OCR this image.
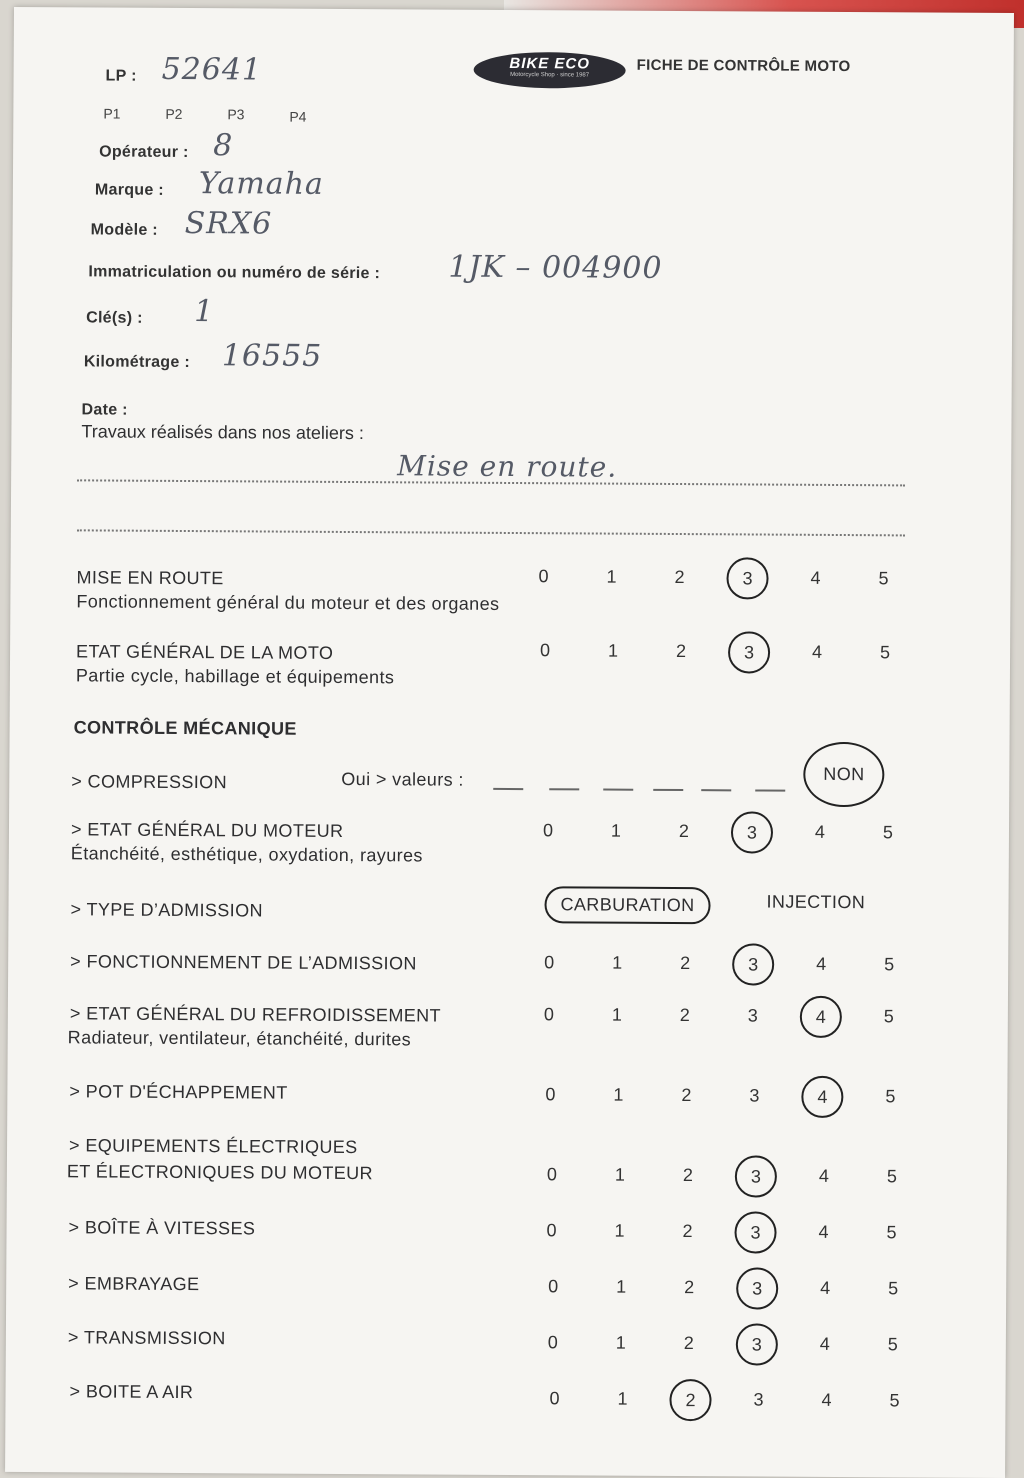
BIKE ECO
Motorcycle Shop · since 1987
FICHE DE CONTRÔLE MOTO
LP : 52641
P1	P2	P3	P4
Opérateur : 8
Marque : Yamaha
Modèle : SRX6
Immatriculation ou numéro de série : 1JK – 004900
Clé(s) : 1
Kilométrage : 16555
Date :
Travaux réalisés dans nos ateliers :
Mise en route.
MISE EN ROUTE
Fonctionnement général du moteur et des organes
0	1	2	3	4	5
ETAT GÉNÉRAL DE LA MOTO
Partie cycle, habillage et équipements
0	1	2	3	4	5
CONTRÔLE MÉCANIQUE
> COMPRESSION	Oui > valeurs :	NON
> ETAT GÉNÉRAL DU MOTEUR
Étanchéité, esthétique, oxydation, rayures
0	1	2	3	4	5
> TYPE D’ADMISSION	CARBURATION	INJECTION
> FONCTIONNEMENT DE L’ADMISSION	0	1	2	3	4	5
> ETAT GÉNÉRAL DU REFROIDISSEMENT
Radiateur, ventilateur, étanchéité, durites
0	1	2	3	4	5
> POT D'ÉCHAPPEMENT	0	1	2	3	4	5
> EQUIPEMENTS ÉLECTRIQUES
ET ÉLECTRONIQUES DU MOTEUR	0	1	2	3	4	5
> BOÎTE À VITESSES	0	1	2	3	4	5
> EMBRAYAGE	0	1	2	3	4	5
> TRANSMISSION	0	1	2	3	4	5
> BOITE A AIR	0	1	2	3	4	5
